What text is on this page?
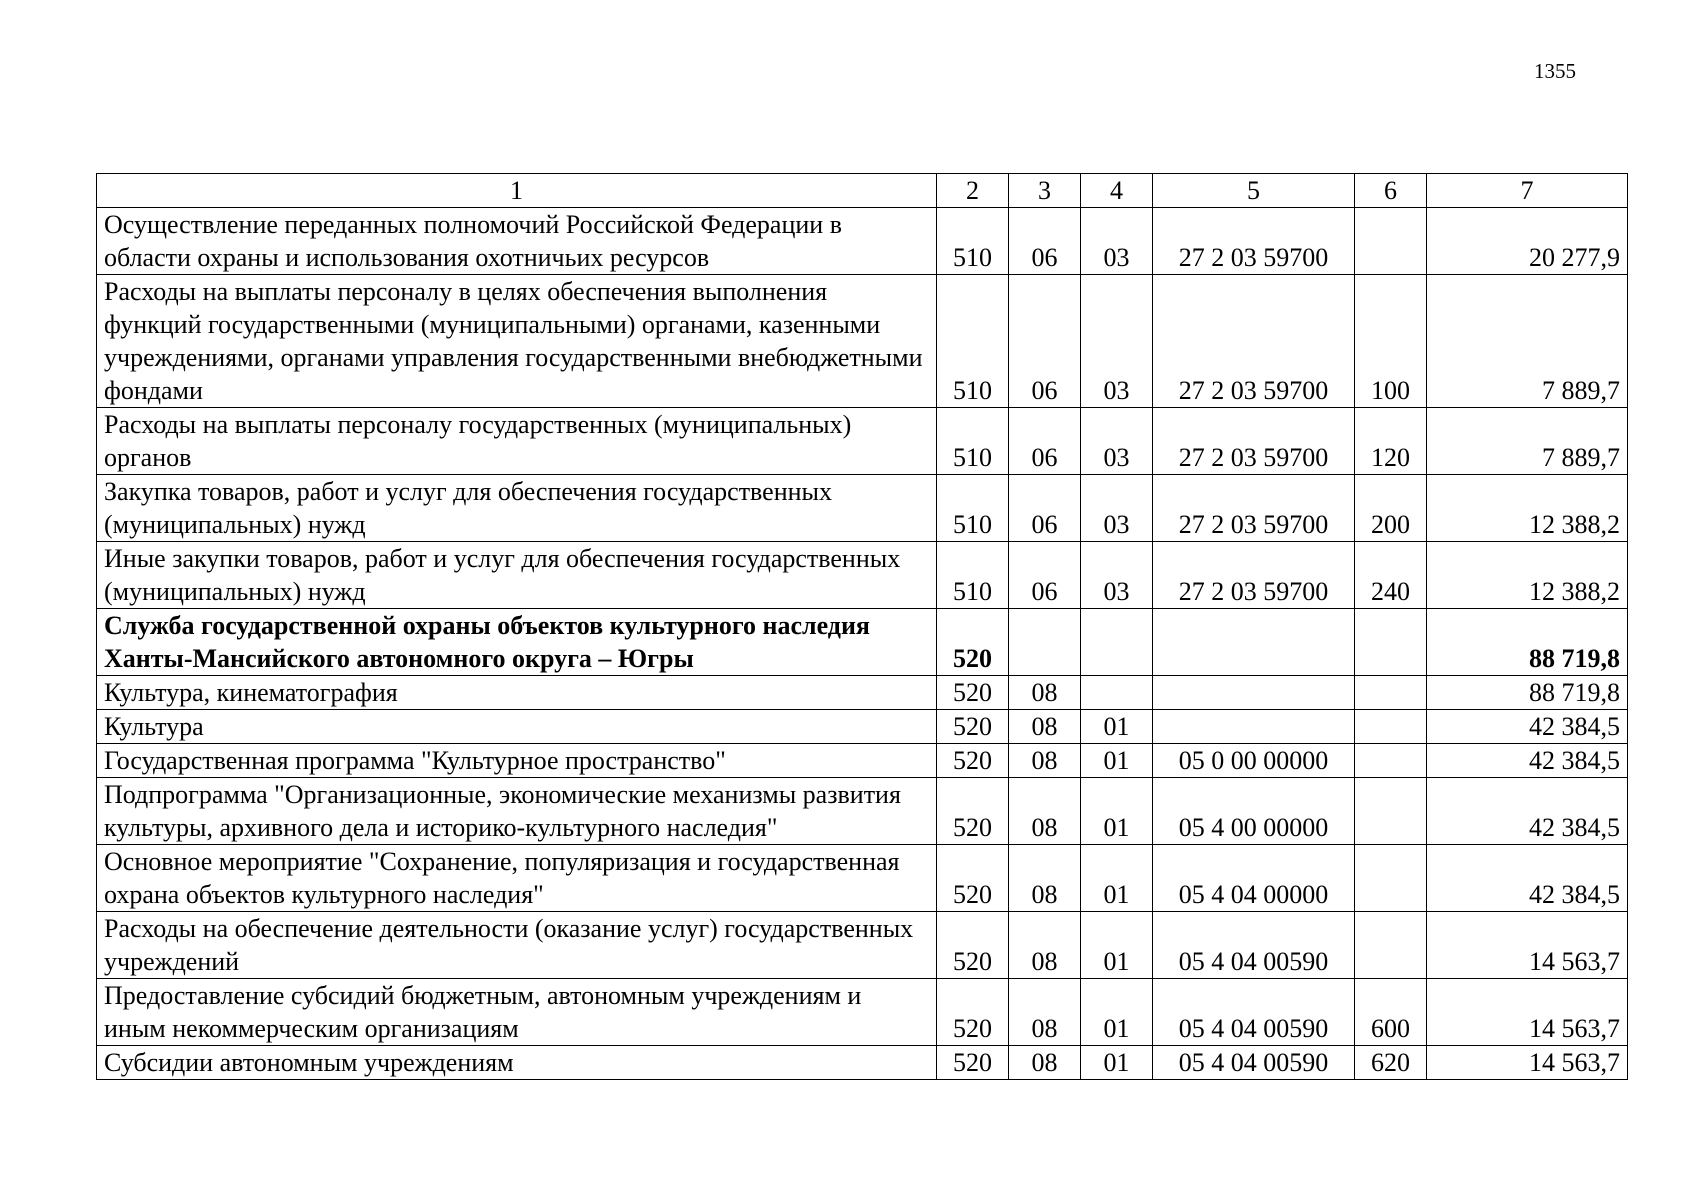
1355
1	2	3	4	5	6	7
Осуществление переданных полномочий Российской Федерации в области охраны и использования охотничьих ресурсов	510	06	03	27 2 03 59700		20 277,9
Расходы на выплаты персоналу в целях обеспечения выполнения функций государственными (муниципальными) органами, казенными учреждениями, органами управления государственными внебюджетными фондами	510	06	03	27 2 03 59700	100	7 889,7
Расходы на выплаты персоналу государственных (муниципальных) органов	510	06	03	27 2 03 59700	120	7 889,7
Закупка товаров, работ и услуг для обеспечения государственных (муниципальных) нужд	510	06	03	27 2 03 59700	200	12 388,2
Иные закупки товаров, работ и услуг для обеспечения государственных (муниципальных) нужд	510	06	03	27 2 03 59700	240	12 388,2
Служба государственной охраны объектов культурного наследия Ханты-Мансийского автономного округа – Югры	520					88 719,8
Культура, кинематография	520	08				88 719,8
Культура	520	08	01			42 384,5
Государственная программа "Культурное пространство"	520	08	01	05 0 00 00000		42 384,5
Подпрограмма "Организационные, экономические механизмы развития культуры, архивного дела и историко-культурного наследия"	520	08	01	05 4 00 00000		42 384,5
Основное мероприятие "Сохранение, популяризация и государственная охрана объектов культурного наследия"	520	08	01	05 4 04 00000		42 384,5
Расходы на обеспечение деятельности (оказание услуг) государственных учреждений	520	08	01	05 4 04 00590		14 563,7
Предоставление субсидий бюджетным, автономным учреждениям и иным некоммерческим организациям	520	08	01	05 4 04 00590	600	14 563,7
Субсидии автономным учреждениям	520	08	01	05 4 04 00590	620	14 563,7
